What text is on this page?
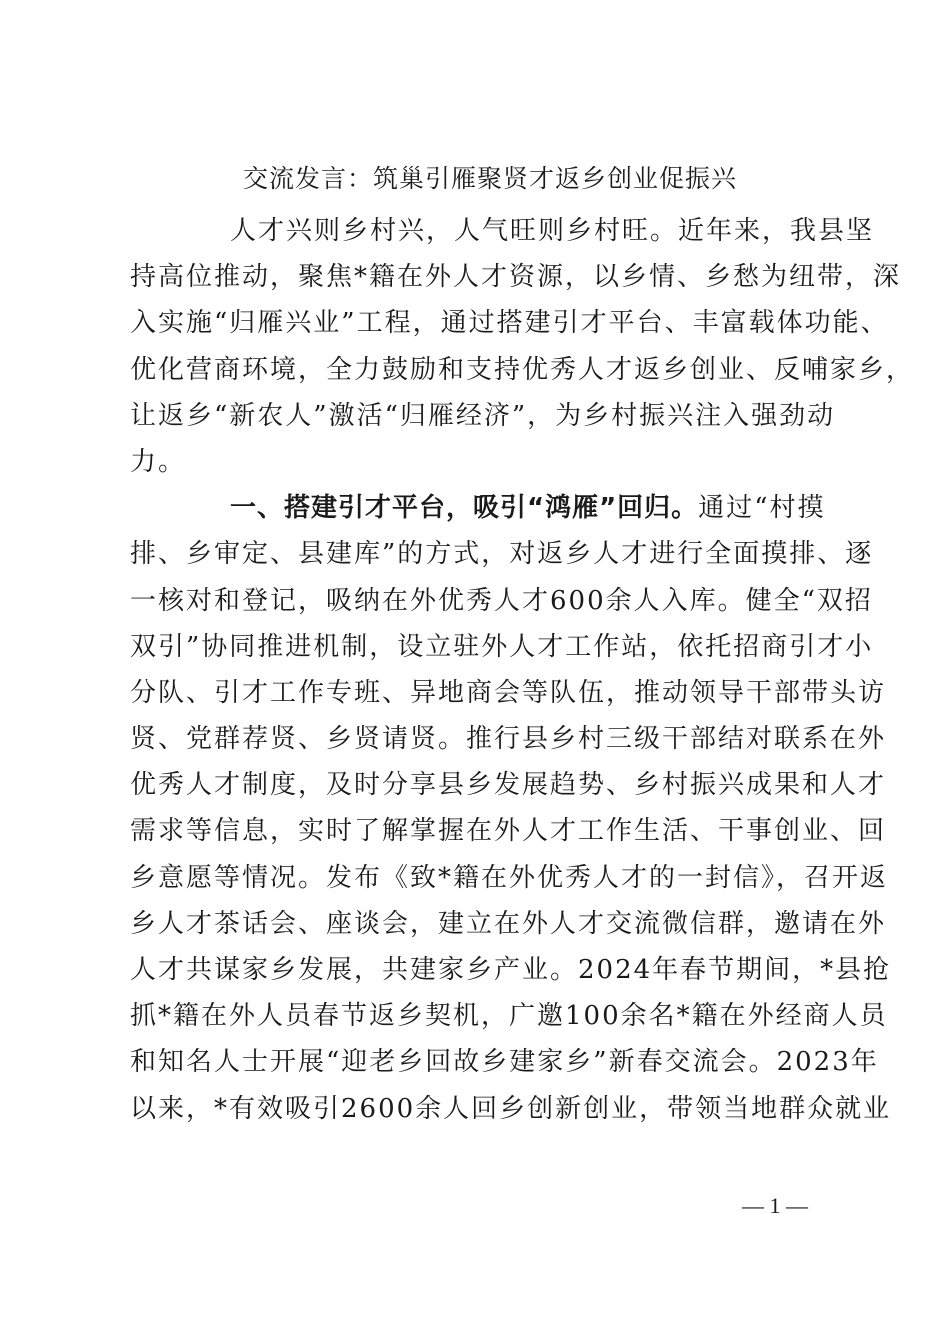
交流发言：筑巢引雁聚贤才返乡创业促振兴
人才兴则乡村兴，人气旺则乡村旺。近年来，我县坚
持高位推动，聚焦*籍在外人才资源，以乡情、乡愁为纽带，深
入实施“归雁兴业”工程，通过搭建引才平台、丰富载体功能、
优化营商环境，全力鼓励和支持优秀人才返乡创业、反哺家乡，
让返乡“新农人”激活“归雁经济”，为乡村振兴注入强劲动
力。
一、搭建引才平台，吸引“鸿雁”回归。通过“村摸
排、乡审定、县建库”的方式，对返乡人才进行全面摸排、逐
一核对和登记，吸纳在外优秀人才600余人入库。健全“双招
双引”协同推进机制，设立驻外人才工作站，依托招商引才小
分队、引才工作专班、异地商会等队伍，推动领导干部带头访
贤、党群荐贤、乡贤请贤。推行县乡村三级干部结对联系在外
优秀人才制度，及时分享县乡发展趋势、乡村振兴成果和人才
需求等信息，实时了解掌握在外人才工作生活、干事创业、回
乡意愿等情况。发布《致*籍在外优秀人才的一封信》，召开返
乡人才茶话会、座谈会，建立在外人才交流微信群，邀请在外
人才共谋家乡发展，共建家乡产业。2024年春节期间，*县抢
抓*籍在外人员春节返乡契机，广邀100余名*籍在外经商人员
和知名人士开展“迎老乡回故乡建家乡”新春交流会。2023年
以来，*有效吸引2600余人回乡创新创业，带领当地群众就业
— 1 —
